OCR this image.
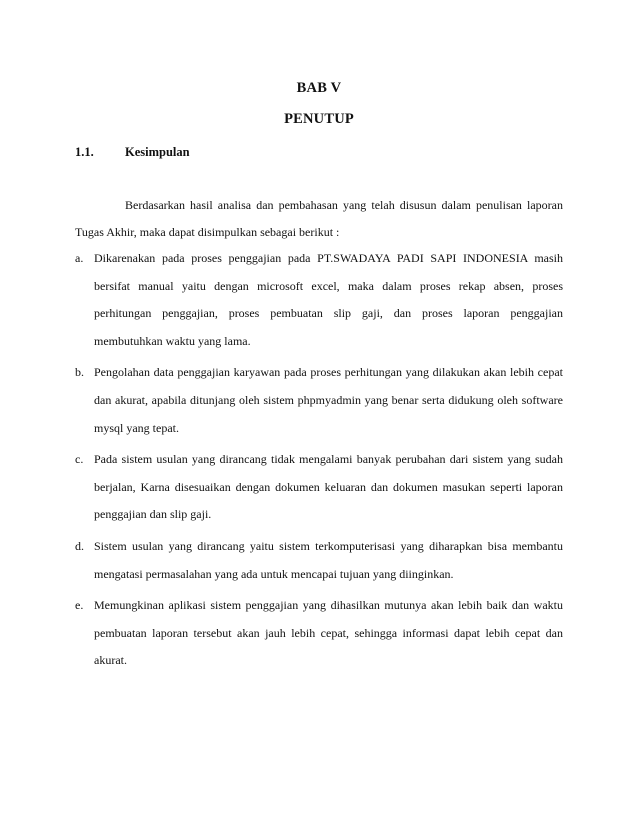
BAB V
PENUTUP
1.1.	Kesimpulan

Berdasarkan hasil analisa dan pembahasan yang telah disusun dalam penulisan laporan Tugas Akhir, maka dapat disimpulkan sebagai berikut :

a. Dikarenakan pada proses penggajian pada PT.SWADAYA PADI SAPI INDONESIA masih bersifat manual yaitu dengan microsoft excel, maka dalam proses rekap absen, proses perhitungan penggajian, proses pembuatan slip gaji, dan proses laporan penggajian membutuhkan waktu yang lama.
b. Pengolahan data penggajian karyawan pada proses perhitungan yang dilakukan akan lebih cepat dan akurat, apabila ditunjang oleh sistem phpmyadmin yang benar serta didukung oleh software mysql yang tepat.
c. Pada sistem usulan yang dirancang tidak mengalami banyak perubahan dari sistem yang sudah berjalan, Karna disesuaikan dengan dokumen keluaran dan dokumen masukan seperti laporan penggajian dan slip gaji.
d. Sistem usulan yang dirancang yaitu sistem terkomputerisasi yang diharapkan bisa membantu mengatasi permasalahan yang ada untuk mencapai tujuan yang diinginkan.
e. Memungkinan aplikasi sistem penggajian yang dihasilkan mutunya akan lebih baik dan waktu pembuatan laporan tersebut akan jauh lebih cepat, sehingga informasi dapat lebih cepat dan akurat.
